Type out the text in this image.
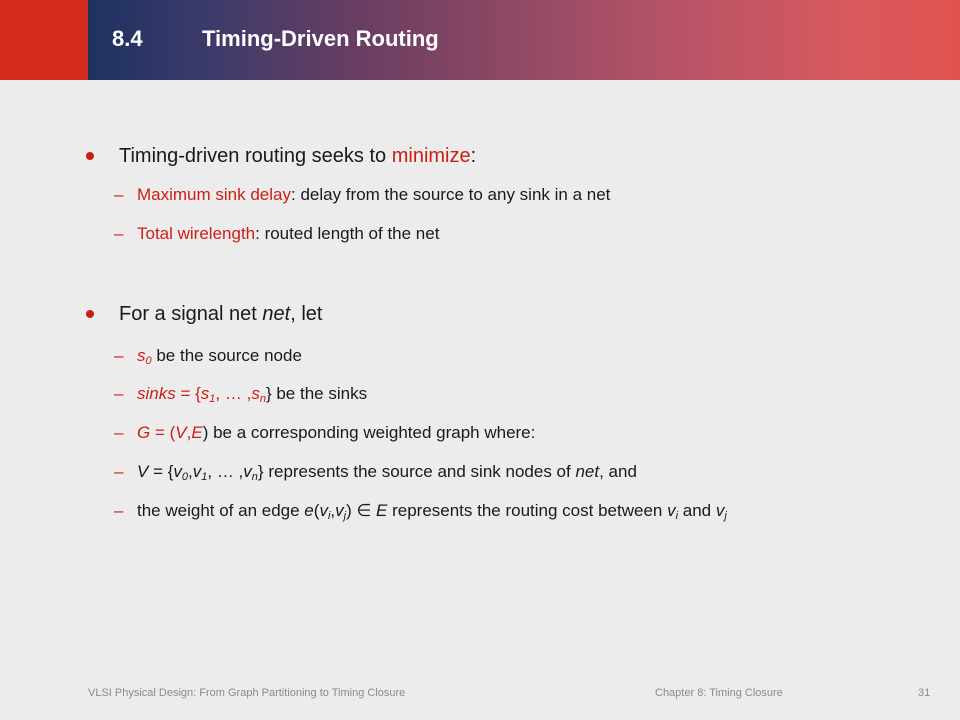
8.4	Timing-Driven Routing
Timing-driven routing seeks to minimize:
– Maximum sink delay: delay from the source to any sink in a net
– Total wirelength: routed length of the net
For a signal net net, let
– $s_0$ be the source node
– sinks = {$s_1$, … $,s_n$} be the sinks
– G = (V,E) be a corresponding weighted graph where:
– $V = \{v_0,v_1$, … $,v_n$} represents the source and sink nodes of net, and
– the weight of an edge $e(v_i,v_j)$ ∈ E represents the routing cost between $v_i$ and $v_j$
VLSI Physical Design: From Graph Partitioning to Timing Closure	Chapter 8: Timing Closure	31
